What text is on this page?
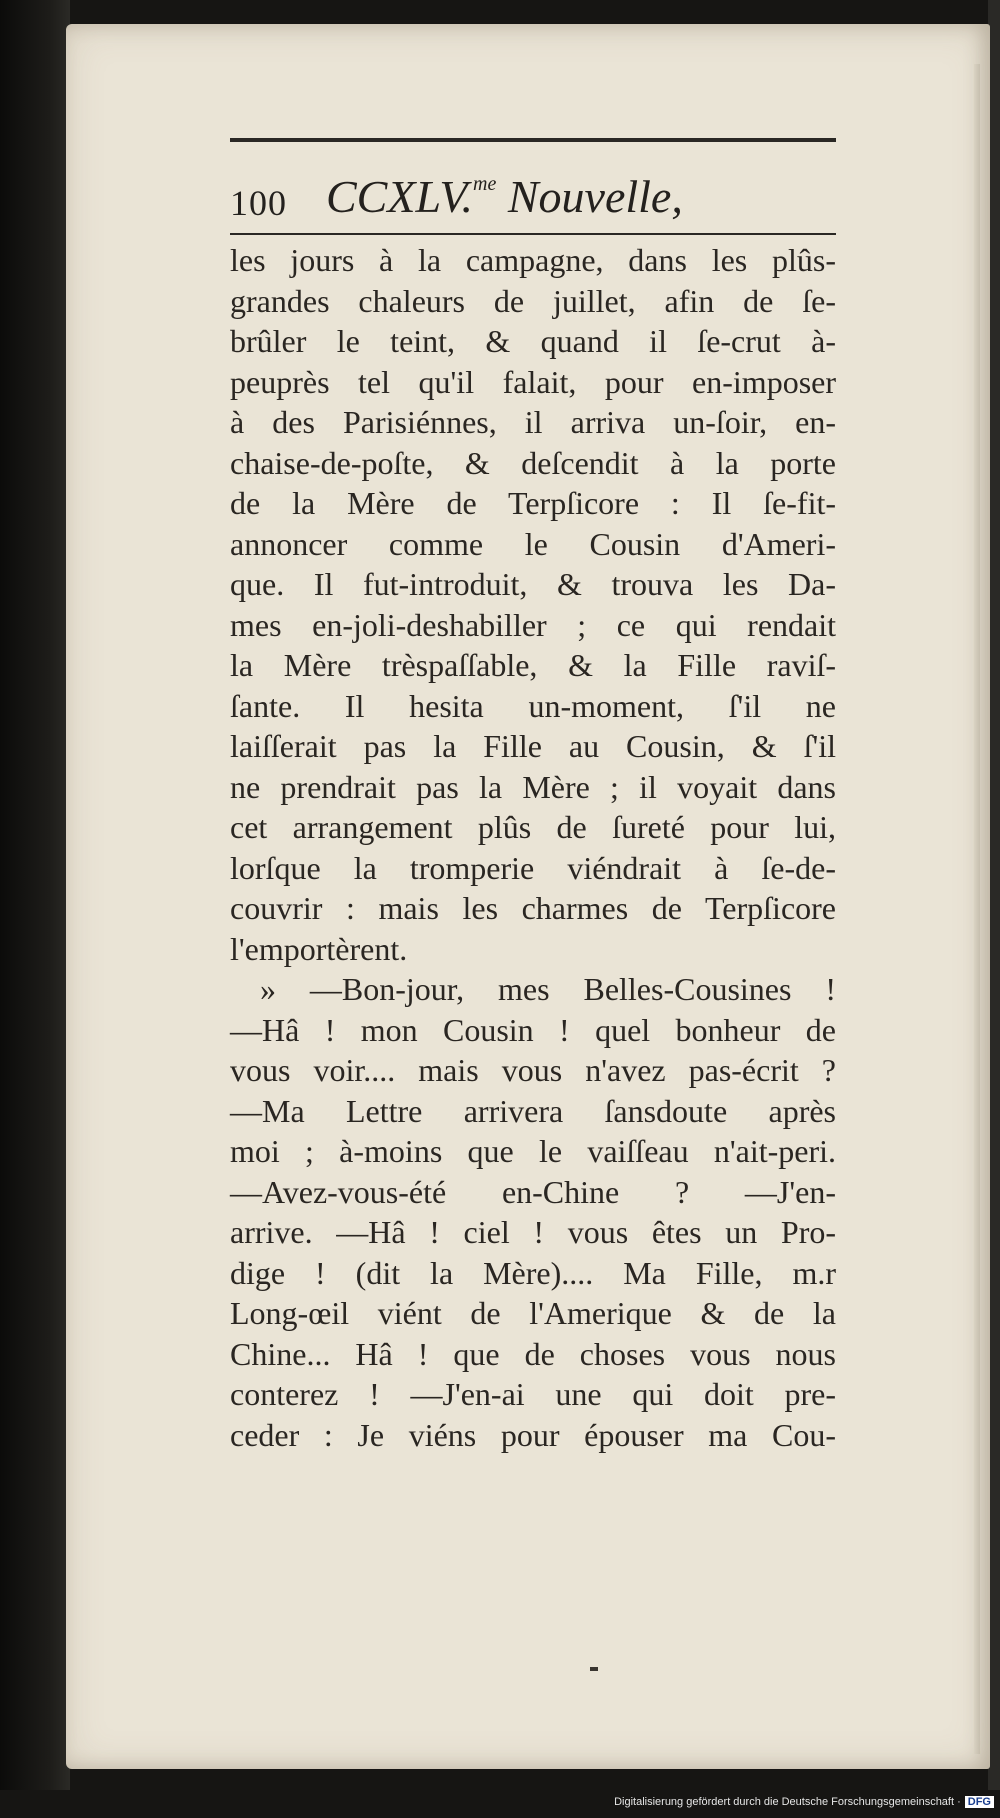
100 CCXLV.$^{me}$ Nouvelle,
les jours à la campagne, dans les plûs-
grandes chaleurs de juillet, afin de ſe-
brûler le teint, & quand il ſe-crut à-
peuprès tel qu'il falait, pour en-imposer
à des Parisiénnes, il arriva un-ſoir, en-
chaise-de-poſte, & deſcendit à la porte
de la Mère de Terpſicore : Il ſe-fit-
annoncer comme le Cousin d'Ameri-
que. Il fut-introduit, & trouva les Da-
mes en-joli-deshabiller ; ce qui rendait
la Mère trèspaſſable, & la Fille raviſ-
ſante. Il hesita un-moment, ſ'il ne
laiſſerait pas la Fille au Cousin, & ſ'il
ne prendrait pas la Mère ; il voyait dans
cet arrangement plûs de ſureté pour lui,
lorſque la tromperie viéndrait à ſe-de-
couvrir : mais les charmes de Terpſicore
l'emportèrent.
» —Bon-jour, mes Belles-Cousines !
—Hâ ! mon Cousin ! quel bonheur de
vous voir.... mais vous n'avez pas-écrit ?
—Ma Lettre arrivera ſansdoute après
moi ; à-moins que le vaiſſeau n'ait-peri.
—Avez-vous-été en-Chine ? —J'en-
arrive. —Hâ ! ciel ! vous êtes un Pro-
dige ! (dit la Mère).... Ma Fille, m.r
Long-œil viént de l'Amerique & de la
Chine... Hâ ! que de choses vous nous
conterez ! —J'en-ai une qui doit pre-
ceder : Je viéns pour épouser ma Cou-
Digitalisierung gefördert durch die Deutsche Forschungsgemeinschaft · DFG
